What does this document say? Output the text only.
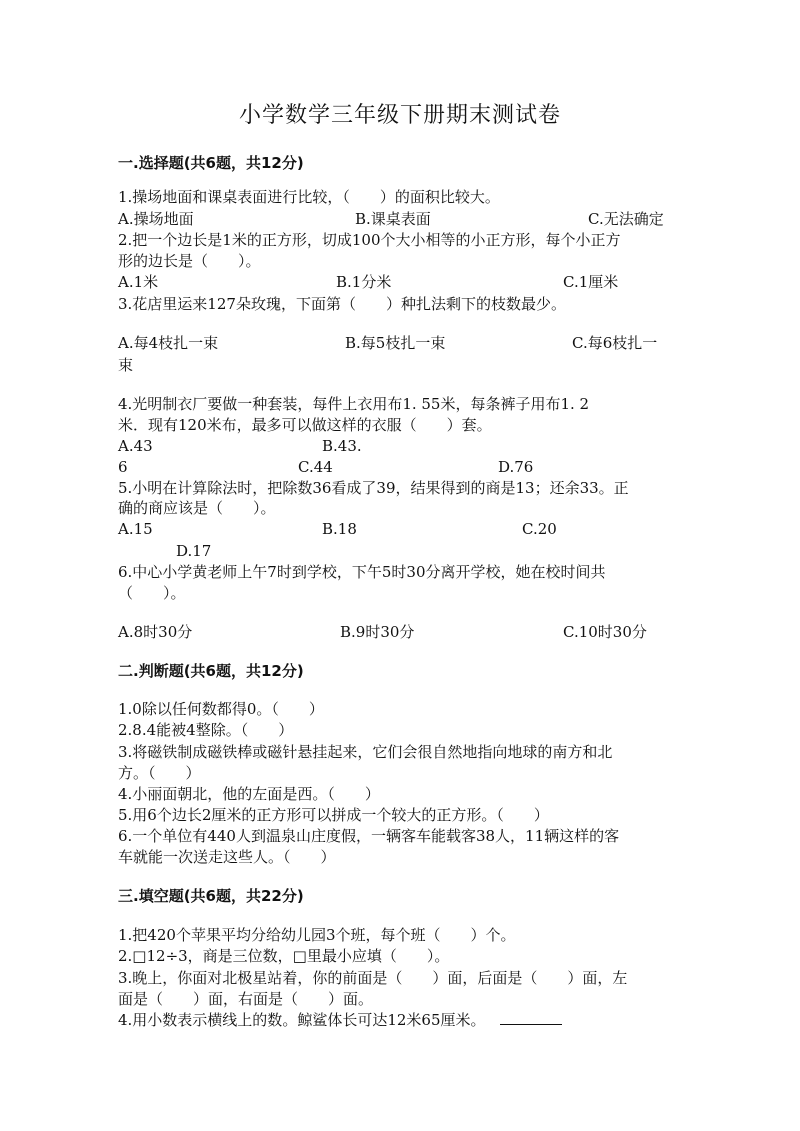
小学数学三年级下册期末测试卷
一.选择题(共6题，共12分)
1.操场地面和课桌表面进行比较，（　　）的面积比较大。
A.操场地面	B.课桌表面	C.无法确定
2.把一个边长是1米的正方形，切成100个大小相等的小正方形，每个小正方
形的边长是（　　）。
A.1米	B.1分米	C.1厘米
3.花店里运来127朵玫瑰，下面第（　　）种扎法剩下的枝数最少。
A.每4枝扎一束	B.每5枝扎一束	C.每6枝扎一
束
4.光明制衣厂要做一种套装，每件上衣用布1. 55米，每条裤子用布1. 2
米．现有120米布，最多可以做这样的衣服（　　）套。
A.43	B.43.
6	C.44	D.76
5.小明在计算除法时，把除数36看成了39，结果得到的商是13；还余33。正
确的商应该是（　　）。
A.15	B.18	C.20
D.17
6.中心小学黄老师上午7时到学校，下午5时30分离开学校，她在校时间共
（　　）。
A.8时30分	B.9时30分	C.10时30分
二.判断题(共6题，共12分)
1.0除以任何数都得0。（　　）
2.8.4能被4整除。（　　）
3.将磁铁制成磁铁棒或磁针悬挂起来，它们会很自然地指向地球的南方和北
方。（　　）
4.小丽面朝北，他的左面是西。（　　）
5.用6个边长2厘米的正方形可以拼成一个较大的正方形。（　　）
6.一个单位有440人到温泉山庄度假，一辆客车能载客38人，11辆这样的客
车就能一次送走这些人。（　　）
三.填空题(共6题，共22分)
1.把420个苹果平均分给幼儿园3个班，每个班（　　）个。
2.□12÷3，商是三位数，□里最小应填（　　）。
3.晚上，你面对北极星站着，你的前面是（　　）面，后面是（　　）面，左
面是（　　）面，右面是（　　）面。
4.用小数表示横线上的数。鲸鲨体长可达12米65厘米。
